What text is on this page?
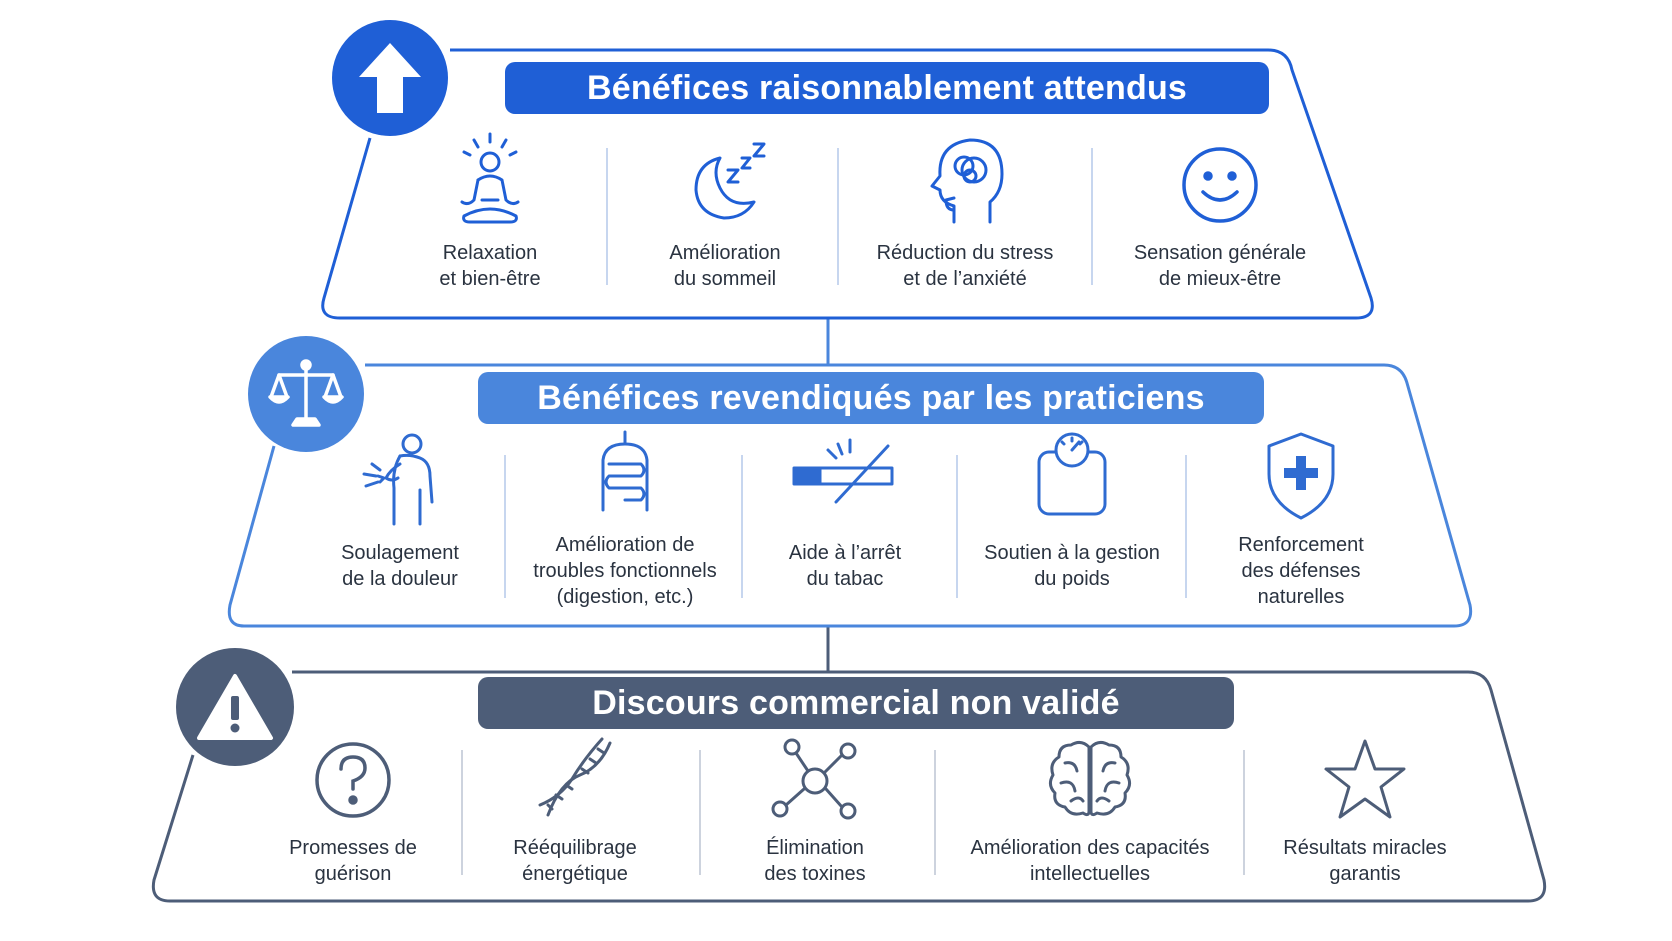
Bénéfices raisonnablement attendus
Relaxation
et bien-être
Amélioration
du sommeil
Réduction du stress
et de l’anxiété
Sensation générale
de mieux-être
Bénéfices revendiqués par les praticiens
Soulagement
de la douleur
Amélioration de
troubles fonctionnels
(digestion, etc.)
Aide à l’arrêt
du tabac
Soutien à la gestion
du poids
Renforcement
des défenses
naturelles
Discours commercial non validé
Promesses de
guérison
Rééquilibrage
énergétique
Élimination
des toxines
Amélioration des capacités
intellectuelles
Résultats miracles
garantis
